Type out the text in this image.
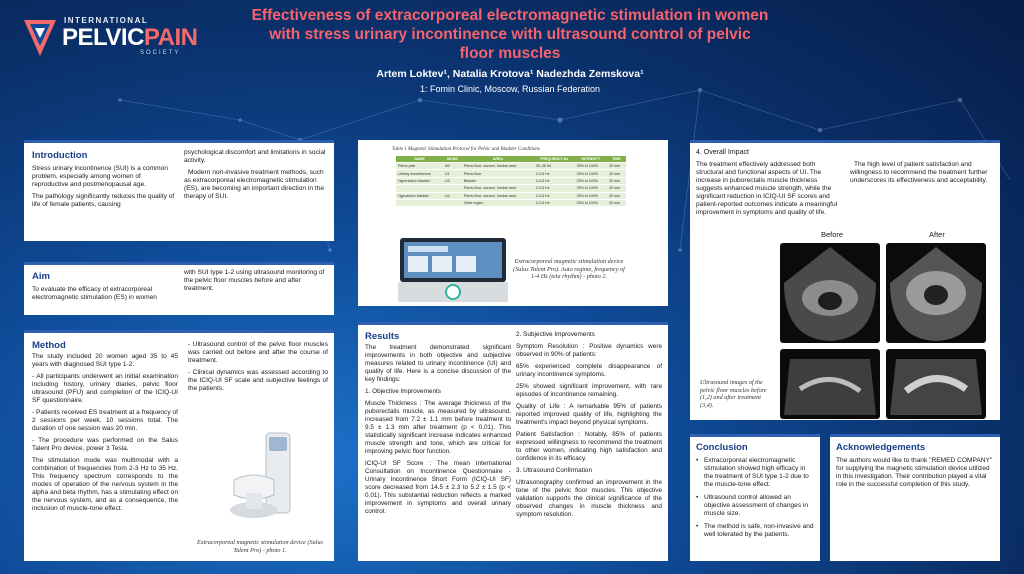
INTERNATIONAL
PELVICPAIN
SOCIETY
Effectiveness of extracorporeal electromagnetic stimulation in women with stress urinary incontinence with ultrasound control of pelvic floor muscles
Artem Loktev¹, Natalia Krotova¹ Nadezhda Zemskova¹
1: Fomin Clinic, Moscow, Russian Federation
Introduction

Stress urinary incontinence (SUI) is a common problem, especially among women of reproductive and postmenopausal age.

The pathology significantly reduces the quality of life of female patients, causing

psychological discomfort and limitations in social activity.

Modern non-invasive treatment methods, such as extracorporeal electromagnetic stimulation (ES), are becoming an important direction in the therapy of SUI.

Aim
To evaluate the efficacy of extracorporeal electromagnetic stimulation (ES) in women
with SUI type 1-2 using ultrasound monitoring of the pelvic floor muscles before and after treatment.
Method

The study included 20 women aged 35 to 45 years with diagnosed SUI type 1-2.

- All participants underwent an initial examination including history, urinary diaries, pelvic floor ultrasound (PFU) and completion of the ICIQ-UI SF questionnaire.

- Patients received ES treatment at a frequency of 2 sessions per week, 10 sessions total. The duration of one session was 20 min.

- The procedure was performed on the Salus Talent Pro device, power 3 Tesla.

The stimulation mode was multimodal with a combination of frequencies from 2-3 Hz to 35 Hz. This frequency spectrum corresponds to the modes of operation of the nervous system in the alpha and beta rhythm, has a stimulating effect on the nervous system, and as a consequence, the inclusion of muscle-tone effect.

- Ultrasound control of the pelvic floor muscles was carried out before and after the course of treatment.

- Clinical dynamics was assessed according to the ICIQ-UI SF scale and subjective feelings of the patients.

Extracorporeal magnetic stimulation device (Salus Talent Pro) - photo 1.
Table 1 Magnetic Stimulation Protocol for Pelvic and Bladder Conditions
NAME	MODE	AREA	FREQUENCY-Hz	INTENSITY	TIME
Pelvic pain	M2	Pelvic floor, sacrum, lumbar area	20–35 Hz	35% to 100%	20 min
Urinary incontinence	U1	Pelvic floor	2-3-5 Hz	25% to 100%	20 min
Hyperactive bladder	U3	Bladder	2-3-5 Hz	25% to 100%	20 min
		Pelvic floor, sacrum, lumbar area	2-3-5 Hz	25% to 100%	20 min
Hypoactive bladder	U4	Pelvic floor, sacrum, lumbar area	2-3-5 Hz	25% to 100%	20 min
		Glute region	2-3-5 Hz	25% to 100%	20 min
Extracorporeal magnetic stimulation device (Salus Talent Pro). Auto regime, frequency of 1-4 Hz (teta rhythm) - photo 2.
Results

The treatment demonstrated significant improvements in both objective and subjective measures related to urinary incontinence (UI) and quality of life. Here is a concise discussion of the key findings:

1. Objective Improvements

Muscle Thickness : The average thickness of the puborectalis muscle, as measured by ultrasound, increased from 7.2 ± 1.1 mm before treatment to 9.5 ± 1.3 mm after treatment (p < 0.01). This statistically significant increase indicates enhanced muscle strength and tone, which are critical for improving pelvic floor function.

ICIQ-UI SF Score : The mean International Consultation on Incontinence Questionnaire - Urinary Incontinence Short Form (ICIQ-UI SF) score decreased from 14.5 ± 2.3 to 5.2 ± 1.5 (p < 0.01). This substantial reduction reflects a marked improvement in symptoms and overall urinary control.

2. Subjective Improvements

Symptom Resolution : Positive dynamics were observed in 90% of patients:

65% experienced complete disappearance of urinary incontinence symptoms.

25% showed significant improvement, with rare episodes of incontinence remaining.

Quality of Life : A remarkable 95% of patients reported improved quality of life, highlighting the treatment's impact beyond physical symptoms.

Patient Satisfaction : Notably, 85% of patients expressed willingness to recommend the treatment to other women, indicating high satisfaction and confidence in its efficacy.

3. Ultrasound Confirmation

Ultrasonography confirmed an improvement in the tone of the pelvic floor muscles. This objective validation supports the clinical significance of the observed changes in muscle thickness and symptom resolution.

4. Overall Impact
The treatment effectively addressed both structural and functional aspects of UI. The increase in puborectalis muscle thickness suggests enhanced muscle strength, while the significant reduction in ICIQ-UI SF scores and patient-reported outcomes indicate a meaningful improvement in symptoms and quality of life.
The high level of patient satisfaction and willingness to recommend the treatment further underscores its effectiveness and acceptability.
Before	After
Ultrasound images of the pelvic floor muscles before (1,2) and after treatment (3,4).
Conclusion
• Extracorporeal electromagnetic stimulation showed high efficacy in the treatment of SUI type 1-2 due to the muscle-tone effect.
• Ultrasound control allowed an objective assessment of changes in muscle size.
• The method is safe, non-invasive and well tolerated by the patients.
Acknowledgements
The authors would like to thank "REMED COMPANY" for supplying the magnetic stimulation device utilized in this investigation. Their contribution played a vital role in the successful completion of this study.
